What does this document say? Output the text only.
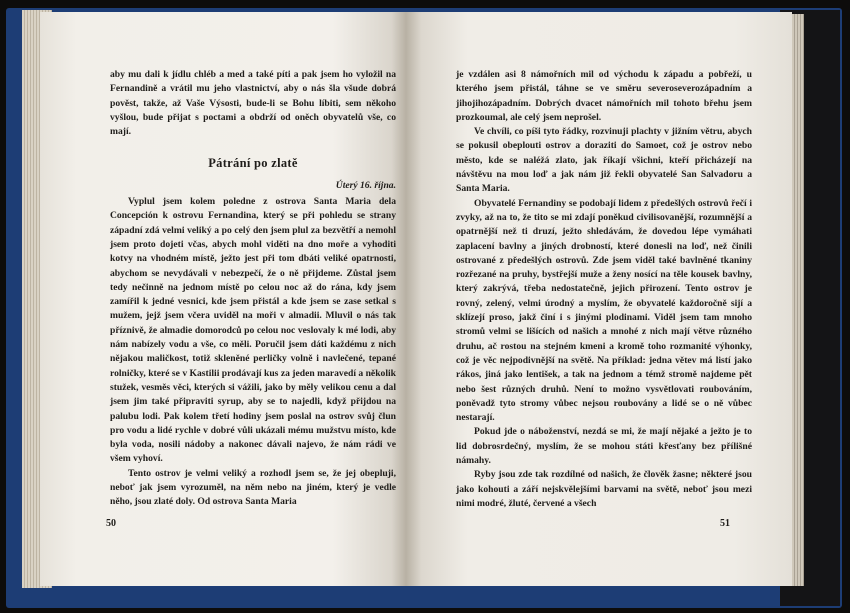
aby mu dali k jídlu chléb a med a také píti a pak jsem ho vyložil na Fernandině a vrátil mu jeho vlastnictví, aby o nás šla všude dobrá pověst, takže, až Vaše Výsosti, bude-li se Bohu líbiti, sem někoho vyšlou, bude přijat s poctami a obdrží od oněch obyvatelů vše, co mají.

Pátrání po zlatě
Úterý 16. října.

Vyplul jsem kolem poledne z ostrova Santa Maria dela Concepción k ostrovu Fernandina, který se při pohledu se strany západní zdá velmi veliký a po celý den jsem plul za bezvětří a nemohl jsem proto dojeti včas, abych mohl viděti na dno moře a vyhoditi kotvy na vhodném místě, ježto jest při tom dbáti veliké opatrnosti, abychom se nevydávali v nebezpečí, že o ně přijdeme. Zůstal jsem tedy nečinně na jednom místě po celou noc až do rána, kdy jsem zamířil k jedné vesnici, kde jsem přistál a kde jsem se zase setkal s mužem, jejž jsem včera uviděl na moři v almadii. Mluvil o nás tak příznivě, že almadie domorodců po celou noc veslovaly k mé lodi, aby nám nabízely vodu a vše, co měli. Poručil jsem dáti každému z nich nějakou maličkost, totiž skleněné perličky volně i navlečené, tepané rolničky, které se v Kastilii prodávají kus za jeden maravedí a několik stužek, vesměs věci, kterých si vážili, jako by měly velikou cenu a dal jsem jim také připraviti syrup, aby se to najedli, když přijdou na palubu lodi. Pak kolem třetí hodiny jsem poslal na ostrov svůj člun pro vodu a lidé rychle v dobré vůli ukázali mému mužstvu místo, kde byla voda, nosili nádoby a nakonec dávali najevo, že nám rádi ve všem vyhoví.

Tento ostrov je velmi veliký a rozhodl jsem se, že jej obepluji, neboť jak jsem vyrozuměl, na něm nebo na jiném, který je vedle něho, jsou zlaté doly. Od ostrova Santa Maria

50

je vzdálen asi 8 námořních mil od východu k západu a pobřeží, u kterého jsem přistál, táhne se ve směru severoseverozápadním a jihojihozápadním. Dobrých dvacet námořních mil tohoto břehu jsem prozkoumal, ale celý jsem neprošel.

Ve chvíli, co píši tyto řádky, rozvinuji plachty v jižním větru, abych se pokusil obeplouti ostrov a doraziti do Samoet, což je ostrov nebo město, kde se naléžá zlato, jak říkají všichni, kteří přicházejí na návštěvu na mou loď a jak nám již řekli obyvatelé San Salvadoru a Santa Maria.

Obyvatelé Fernandiny se podobají lidem z předešlých ostrovů řečí i zvyky, až na to, že tito se mi zdají poněkud civilisovanější, rozumnější a opatrnější než ti druzí, ježto shledávám, že dovedou lépe vymáhati zaplacení bavlny a jiných drobností, které donesli na loď, než činili ostrované z předešlých ostrovů. Zde jsem viděl také bavlněné tkaniny rozřezané na pruhy, bystřejší muže a ženy nosící na těle kousek bavlny, který zakrývá, třeba nedostatečně, jejich přirození. Tento ostrov je rovný, zelený, velmi úrodný a myslím, že obyvatelé každoročně sijí a sklízejí proso, jakž činí i s jinými plodinami. Viděl jsem tam mnoho stromů velmi se lišících od našich a mnohé z nich mají větve různého druhu, ač rostou na stejném kmeni a kromě toho rozmanité výhonky, což je věc nejpodivnější na světě. Na příklad: jedna větev má listí jako rákos, jiná jako lentišek, a tak na jednom a témž stromě najdeme pět nebo šest různých druhů. Není to možno vysvětlovati roubováním, poněvadž tyto stromy vůbec nejsou roubovány a lidé se o ně vůbec nestarají.

Pokud jde o náboženství, nezdá se mi, že mají nějaké a ježto je to lid dobrosrdečný, myslím, že se mohou státi křesťany bez přílišné námahy.

Ryby jsou zde tak rozdílné od našich, že člověk žasne; některé jsou jako kohouti a září nejskvělejšími barvami na světě, neboť jsou mezi nimi modré, žluté, červené a všech

51
